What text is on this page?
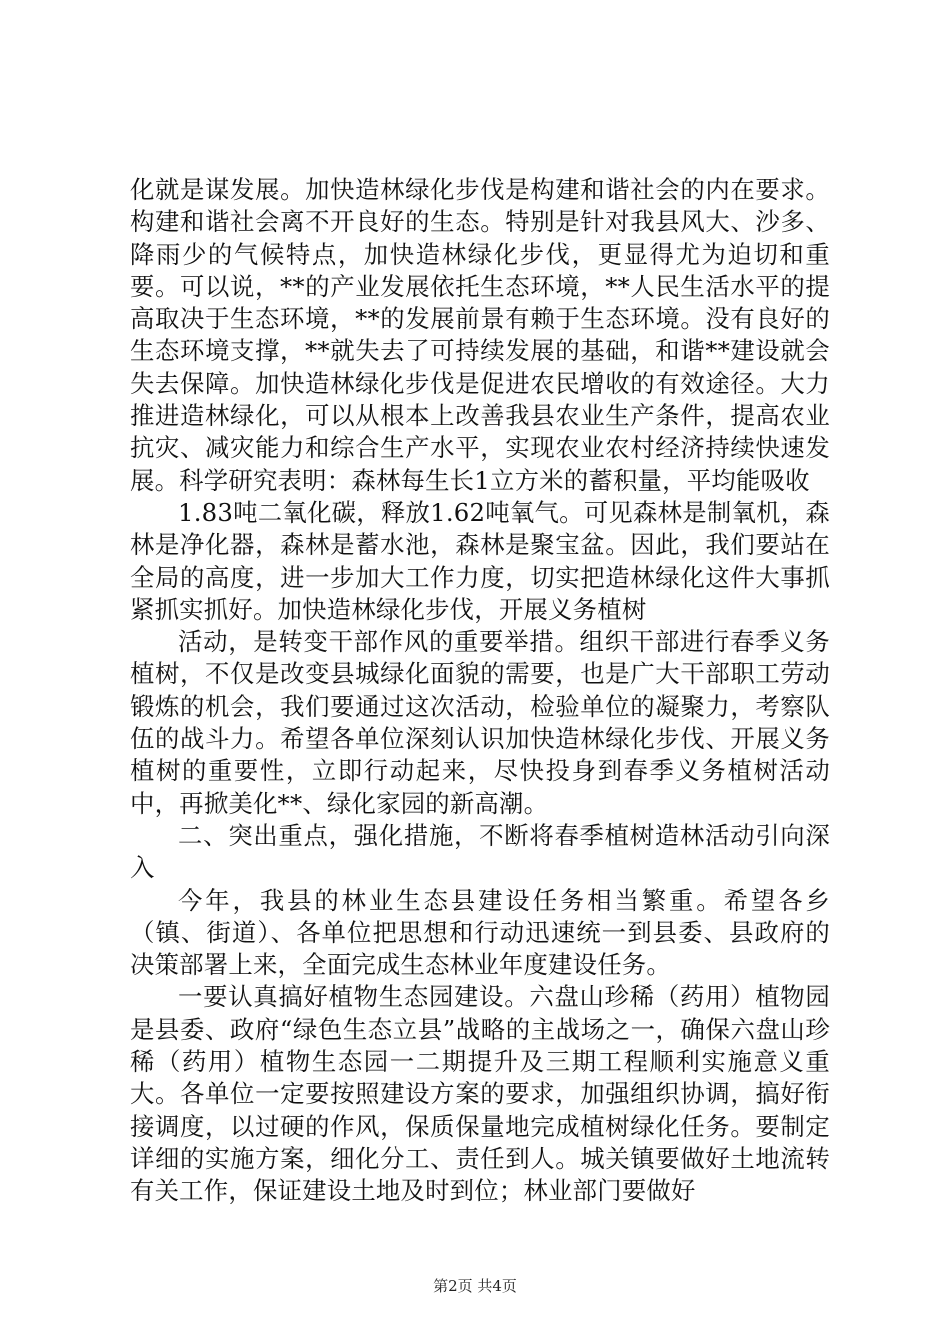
化就是谋发展。加快造林绿化步伐是构建和谐社会的内在要求。构建和谐社会离不开良好的生态。特别是针对我县风大、沙多、降雨少的气候特点，加快造林绿化步伐，更显得尤为迫切和重要。可以说，**的产业发展依托生态环境，**人民生活水平的提高取决于生态环境，**的发展前景有赖于生态环境。没有良好的生态环境支撑，**就失去了可持续发展的基础，和谐**建设就会失去保障。加快造林绿化步伐是促进农民增收的有效途径。大力推进造林绿化，可以从根本上改善我县农业生产条件，提高农业抗灾、减灾能力和综合生产水平，实现农业农村经济持续快速发展。科学研究表明：森林每生长1立方米的蓄积量，平均能吸收

1.83吨二氧化碳，释放1.62吨氧气。可见森林是制氧机，森林是净化器，森林是蓄水池，森林是聚宝盆。因此，我们要站在全局的高度，进一步加大工作力度，切实把造林绿化这件大事抓紧抓实抓好。加快造林绿化步伐，开展义务植树

活动，是转变干部作风的重要举措。组织干部进行春季义务植树，不仅是改变县城绿化面貌的需要，也是广大干部职工劳动锻炼的机会，我们要通过这次活动，检验单位的凝聚力，考察队伍的战斗力。希望各单位深刻认识加快造林绿化步伐、开展义务植树的重要性，立即行动起来，尽快投身到春季义务植树活动中，再掀美化**、绿化家园的新高潮。

二、突出重点，强化措施，不断将春季植树造林活动引向深入

今年，我县的林业生态县建设任务相当繁重。希望各乡（镇、街道）、各单位把思想和行动迅速统一到县委、县政府的决策部署上来，全面完成生态林业年度建设任务。

一要认真搞好植物生态园建设。六盘山珍稀（药用）植物园是县委、政府“绿色生态立县”战略的主战场之一，确保六盘山珍稀（药用）植物生态园一二期提升及三期工程顺利实施意义重大。各单位一定要按照建设方案的要求，加强组织协调，搞好衔接调度，以过硬的作风，保质保量地完成植树绿化任务。要制定详细的实施方案，细化分工、责任到人。城关镇要做好土地流转有关工作，保证建设土地及时到位；林业部门要做好

第2页 共4页
